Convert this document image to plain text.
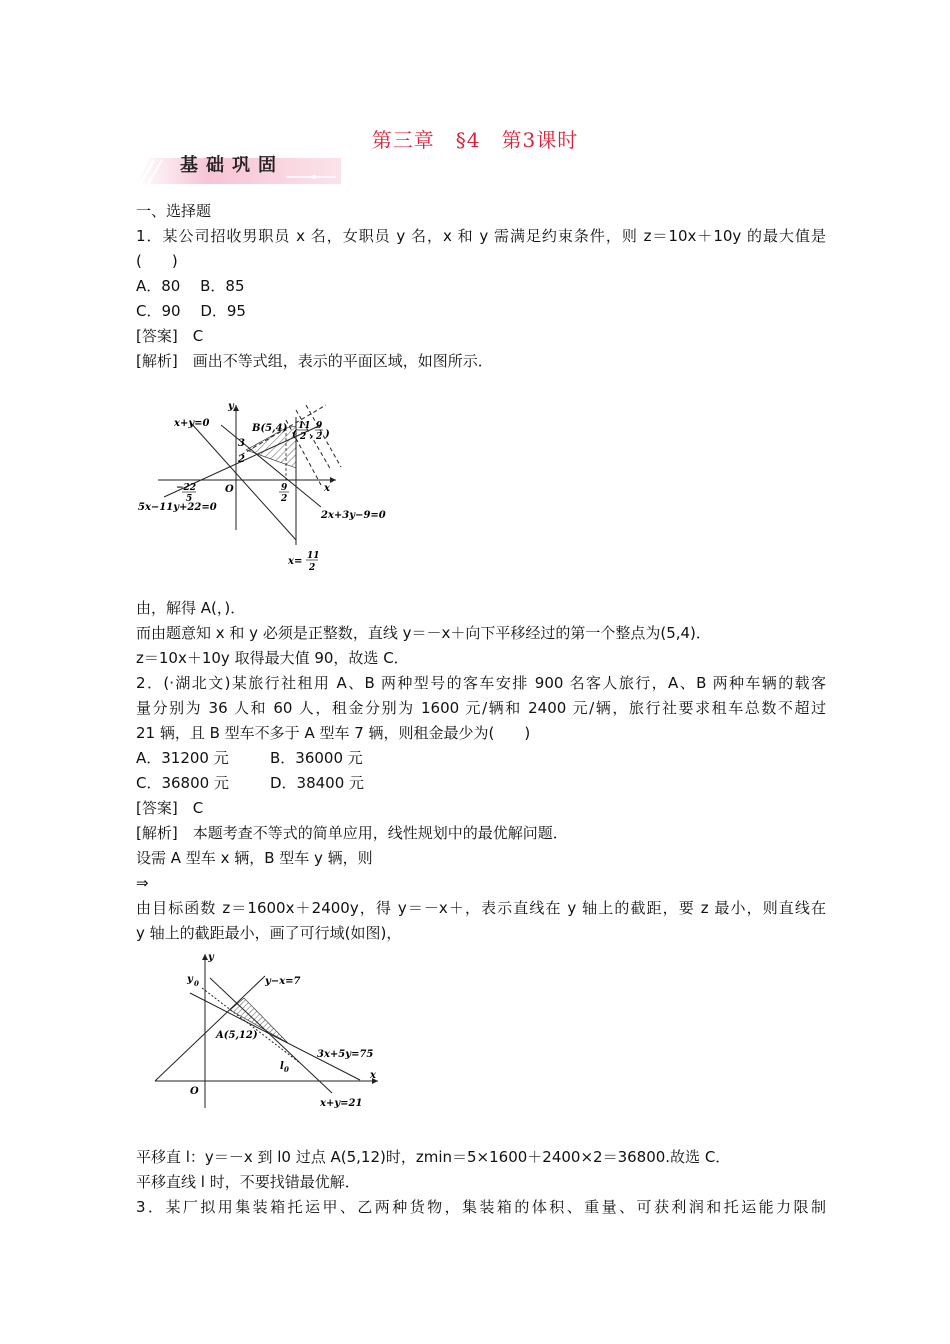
第三章　§4　第3课时
基础巩固
一、选择题
1．某公司招收男职员 x 名，女职员 y 名，x 和 y 需满足约束条件，则 z＝10x＋10y 的最大值是
(　　)
A．80　 B．85
C．90　 D．95
[答案]　C
[解析]　画出不等式组，表示的平面区域，如图所示．
x+y=0
y
x
B(5,4)
(
11
2 ,
9
2 )
3
2
O
−22
5
9
2
5x−11y+22=0
2x+3y−9=0
x= 11
2
由，解得 A(，)．
而由题意知 x 和 y 必须是正整数，直线 y＝－x＋向下平移经过的第一个整点为(5,4)．
z＝10x＋10y 取得最大值 90，故选 C．
2．(·湖北文)某旅行社租用 A、B 两种型号的客车安排 900 名客人旅行，A、B 两种车辆的载客
量分别为 36 人和 60 人，租金分别为 1600 元/辆和 2400 元/辆，旅行社要求租车总数不超过
21 辆，且 B 型车不多于 A 型车 7 辆，则租金最少为(　　)
A．31200 元	B．36000 元
C．36800 元	D．38400 元
[答案]　C
[解析]　本题考查不等式的简单应用，线性规划中的最优解问题．
设需 A 型车 x 辆，B 型车 y 辆，则
⇒
由目标函数 z＝1600x＋2400y，得 y＝－x＋，表示直线在 y 轴上的截距，要 z 最小，则直线在
y 轴上的截距最小，画了可行域(如图)，
y
y 0	y−x=7
A(5,12)
3x+5y=75
l 0
O
x
x+y=21
平移直 l：y＝－x 到 l0 过点 A(5,12)时，zmin＝5×1600＋2400×2＝36800.故选 C．
平移直线 l 时，不要找错最优解．
3．某厂拟用集装箱托运甲、乙两种货物，集装箱的体积、重量、可获利润和托运能力限制
